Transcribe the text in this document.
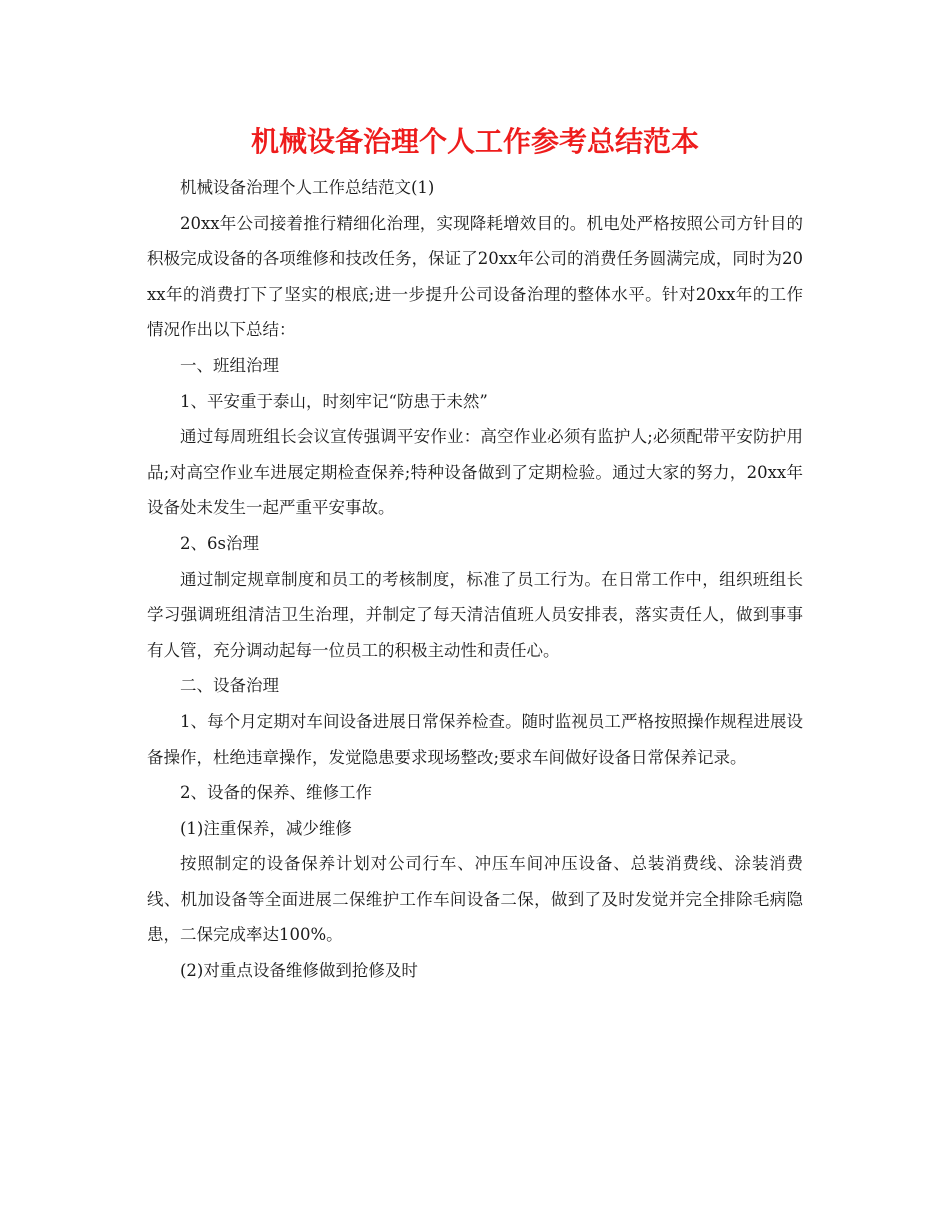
机械设备治理个人工作参考总结范本

机械设备治理个人工作总结范文(1)

20xx年公司接着推行精细化治理，实现降耗增效目的。机电处严格按照公司方针目的积极完成设备的各项维修和技改任务，保证了20xx年公司的消费任务圆满完成，同时为20xx年的消费打下了坚实的根底;进一步提升公司设备治理的整体水平。针对20xx年的工作情况作出以下总结：

一、班组治理

1、平安重于泰山，时刻牢记“防患于未然”

通过每周班组长会议宣传强调平安作业：高空作业必须有监护人;必须配带平安防护用品;对高空作业车进展定期检查保养;特种设备做到了定期检验。通过大家的努力，20xx年设备处未发生一起严重平安事故。

2、6s治理

通过制定规章制度和员工的考核制度，标准了员工行为。在日常工作中，组织班组长学习强调班组清洁卫生治理，并制定了每天清洁值班人员安排表，落实责任人，做到事事有人管，充分调动起每一位员工的积极主动性和责任心。

二、设备治理

1、每个月定期对车间设备进展日常保养检查。随时监视员工严格按照操作规程进展设备操作，杜绝违章操作，发觉隐患要求现场整改;要求车间做好设备日常保养记录。

2、设备的保养、维修工作

(1)注重保养，减少维修

按照制定的设备保养计划对公司行车、冲压车间冲压设备、总装消费线、涂装消费线、机加设备等全面进展二保维护工作车间设备二保，做到了及时发觉并完全排除毛病隐患，二保完成率达100%。

(2)对重点设备维修做到抢修及时
